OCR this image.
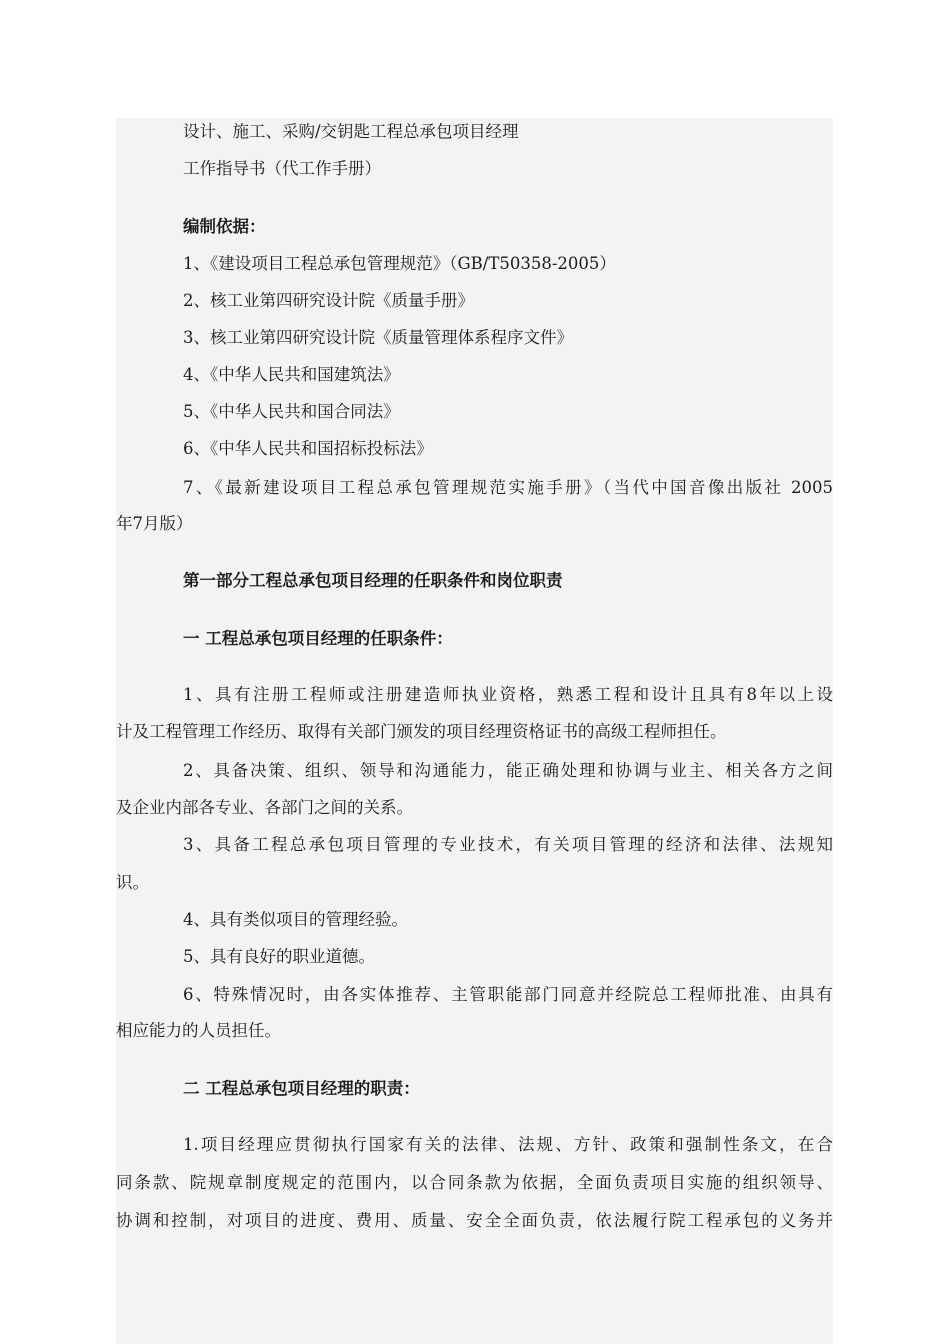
设计、施工、采购/交钥匙工程总承包项目经理
工作指导书（代工作手册）
编制依据：
1、《建设项目工程总承包管理规范》（GB/T50358-2005）
2、核工业第四研究设计院《质量手册》
3、核工业第四研究设计院《质量管理体系程序文件》
4、《中华人民共和国建筑法》
5、《中华人民共和国合同法》
6、《中华人民共和国招标投标法》
7、《最新建设项目工程总承包管理规范实施手册》（当代中国音像出版社 2005
年7月版）
第一部分工程总承包项目经理的任职条件和岗位职责
一 工程总承包项目经理的任职条件：
1、具有注册工程师或注册建造师执业资格，熟悉工程和设计且具有8年以上设
计及工程管理工作经历、取得有关部门颁发的项目经理资格证书的高级工程师担任。
2、具备决策、组织、领导和沟通能力，能正确处理和协调与业主、相关各方之间
及企业内部各专业、各部门之间的关系。
3、具备工程总承包项目管理的专业技术，有关项目管理的经济和法律、法规知
识。
4、具有类似项目的管理经验。
5、具有良好的职业道德。
6、特殊情况时，由各实体推荐、主管职能部门同意并经院总工程师批准、由具有
相应能力的人员担任。
二 工程总承包项目经理的职责：
1.项目经理应贯彻执行国家有关的法律、法规、方针、政策和强制性条文，在合
同条款、院规章制度规定的范围内，以合同条款为依据，全面负责项目实施的组织领导、
协调和控制，对项目的进度、费用、质量、安全全面负责，依法履行院工程承包的义务并
